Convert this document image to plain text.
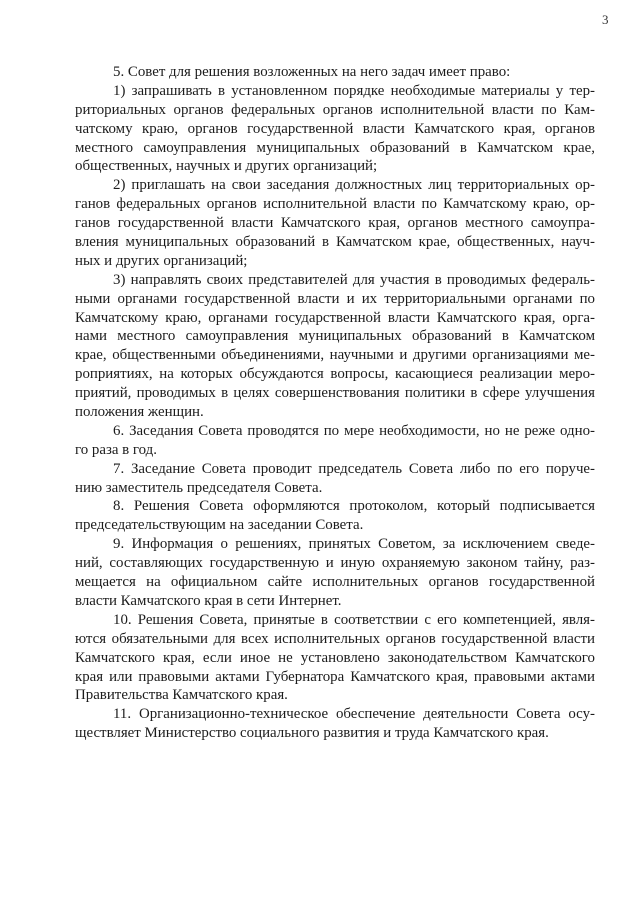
3
5. Совет для решения возложенных на него задач имеет право:
1) запрашивать в установленном порядке необходимые материалы у тер-
риториальных органов федеральных органов исполнительной власти по Кам-
чатскому краю, органов государственной власти Камчатского края, органов
местного самоуправления муниципальных образований в Камчатском крае,
общественных, научных и других организаций;
2) приглашать на свои заседания должностных лиц территориальных ор-
ганов федеральных органов исполнительной власти по Камчатскому краю, ор-
ганов государственной власти Камчатского края, органов местного самоупра-
вления муниципальных образований в Камчатском крае, общественных, науч-
ных и других организаций;
3) направлять своих представителей для участия в проводимых федераль-
ными органами государственной власти и их территориальными органами по
Камчатскому краю, органами государственной власти Камчатского края, орга-
нами местного самоуправления муниципальных образований в Камчатском
крае, общественными объединениями, научными и другими организациями ме-
роприятиях, на которых обсуждаются вопросы, касающиеся реализации меро-
приятий, проводимых в целях совершенствования политики в сфере улучшения
положения женщин.
6. Заседания Совета проводятся по мере необходимости, но не реже одно-
го раза в год.
7. Заседание Совета проводит председатель Совета либо по его поруче-
нию заместитель председателя Совета.
8. Решения Совета оформляются протоколом, который подписывается
председательствующим на заседании Совета.
9. Информация о решениях, принятых Советом, за исключением сведе-
ний, составляющих государственную и иную охраняемую законом тайну, раз-
мещается на официальном сайте исполнительных органов государственной
власти Камчатского края в сети Интернет.
10. Решения Совета, принятые в соответствии с его компетенцией, явля-
ются обязательными для всех исполнительных органов государственной власти
Камчатского края, если иное не установлено законодательством Камчатского
края или правовыми актами Губернатора Камчатского края, правовыми актами
Правительства Камчатского края.
11. Организационно-техническое обеспечение деятельности Совета осу-
ществляет Министерство социального развития и труда Камчатского края.
